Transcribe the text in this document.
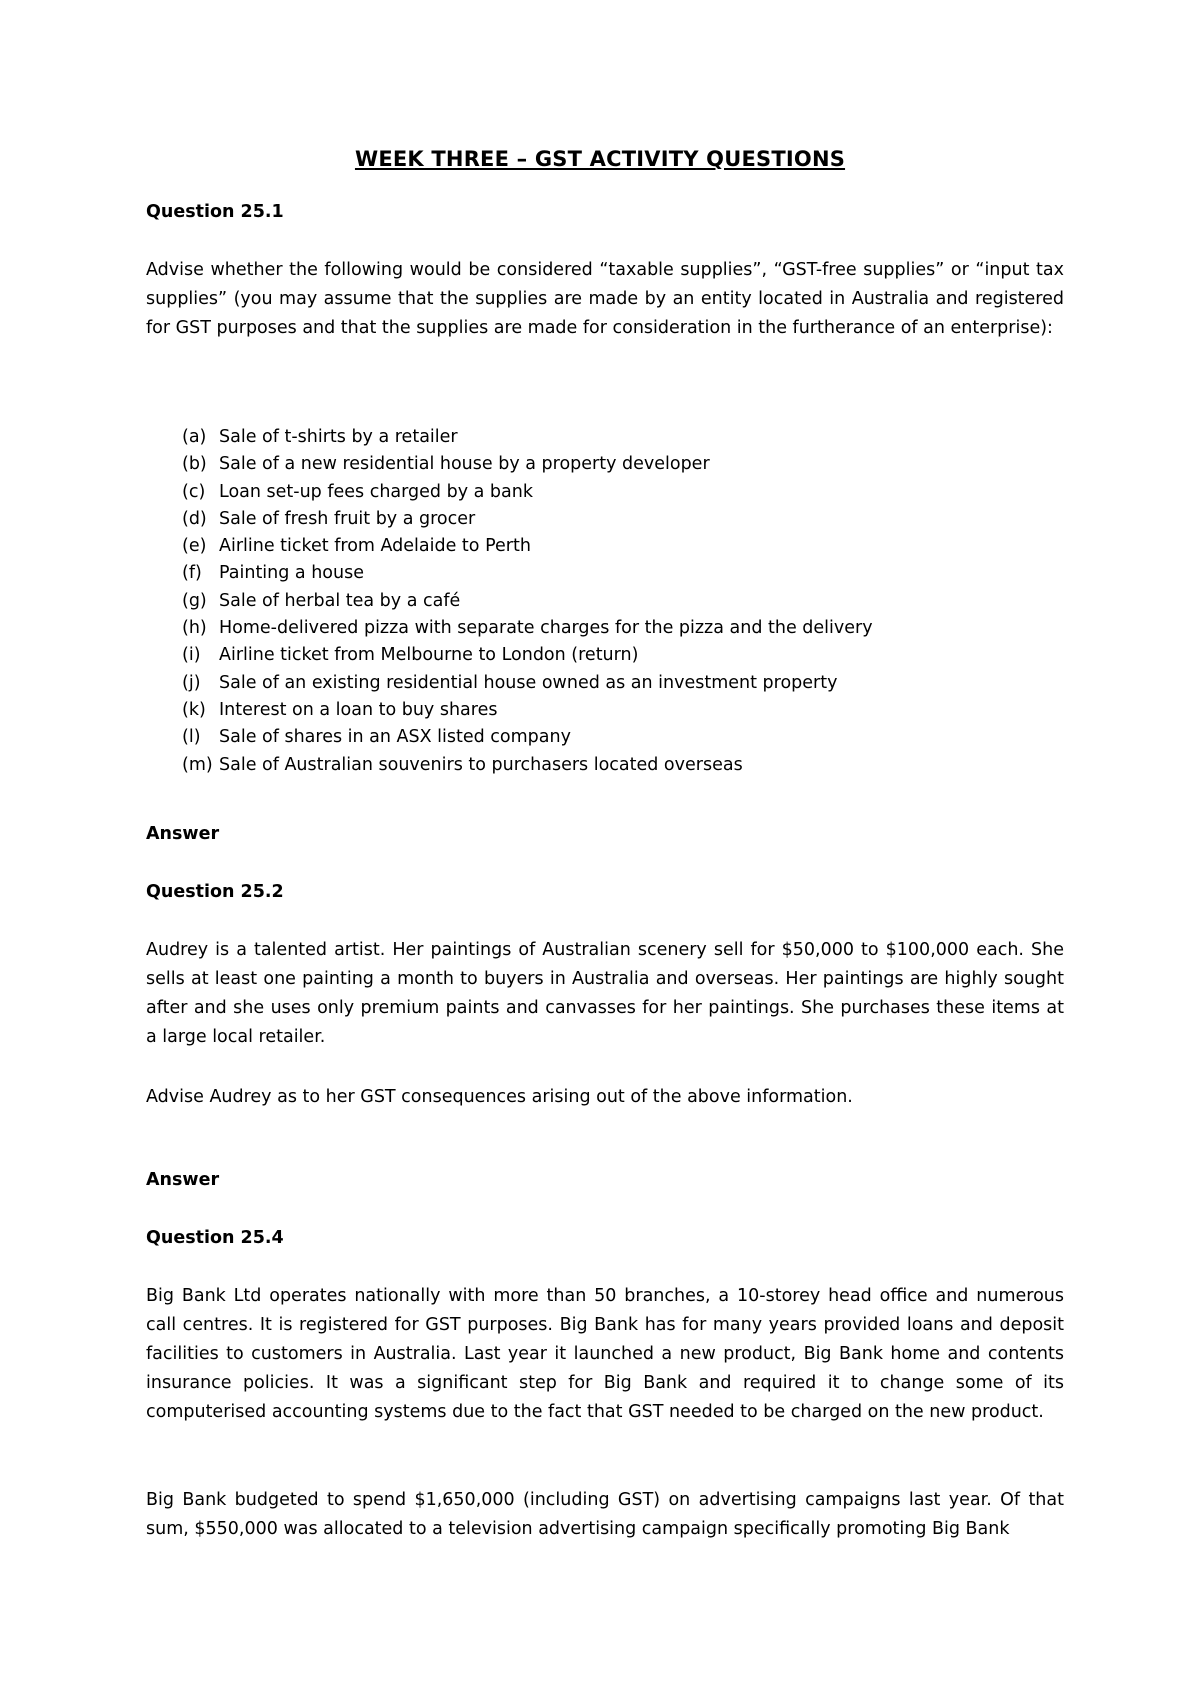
WEEK THREE – GST ACTIVITY QUESTIONS
Question 25.1

Advise whether the following would be considered “taxable supplies”, “GST-free supplies” or “input tax supplies” (you may assume that the supplies are made by an entity located in Australia and registered for GST purposes and that the supplies are made for consideration in the furtherance of an enterprise):

(a) Sale of t-shirts by a retailer
(b) Sale of a new residential house by a property developer
(c) Loan set-up fees charged by a bank
(d) Sale of fresh fruit by a grocer
(e) Airline ticket from Adelaide to Perth
(f) Painting a house
(g) Sale of herbal tea by a café
(h) Home-delivered pizza with separate charges for the pizza and the delivery
(i) Airline ticket from Melbourne to London (return)
(j) Sale of an existing residential house owned as an investment property
(k) Interest on a loan to buy shares
(l) Sale of shares in an ASX listed company
(m) Sale of Australian souvenirs to purchasers located overseas
Answer
Question 25.2

Audrey is a talented artist. Her paintings of Australian scenery sell for $50,000 to $100,000 each. She sells at least one painting a month to buyers in Australia and overseas. Her paintings are highly sought after and she uses only premium paints and canvasses for her paintings. She purchases these items at a large local retailer.

Advise Audrey as to her GST consequences arising out of the above information.

Answer
Question 25.4

Big Bank Ltd operates nationally with more than 50 branches, a 10-storey head office and numerous call centres. It is registered for GST purposes. Big Bank has for many years provided loans and deposit facilities to customers in Australia. Last year it launched a new product, Big Bank home and contents insurance policies. It was a significant step for Big Bank and required it to change some of its computerised accounting systems due to the fact that GST needed to be charged on the new product.

Big Bank budgeted to spend $1,650,000 (including GST) on advertising campaigns last year. Of that sum, $550,000 was allocated to a television advertising campaign specifically promoting Big Bank
